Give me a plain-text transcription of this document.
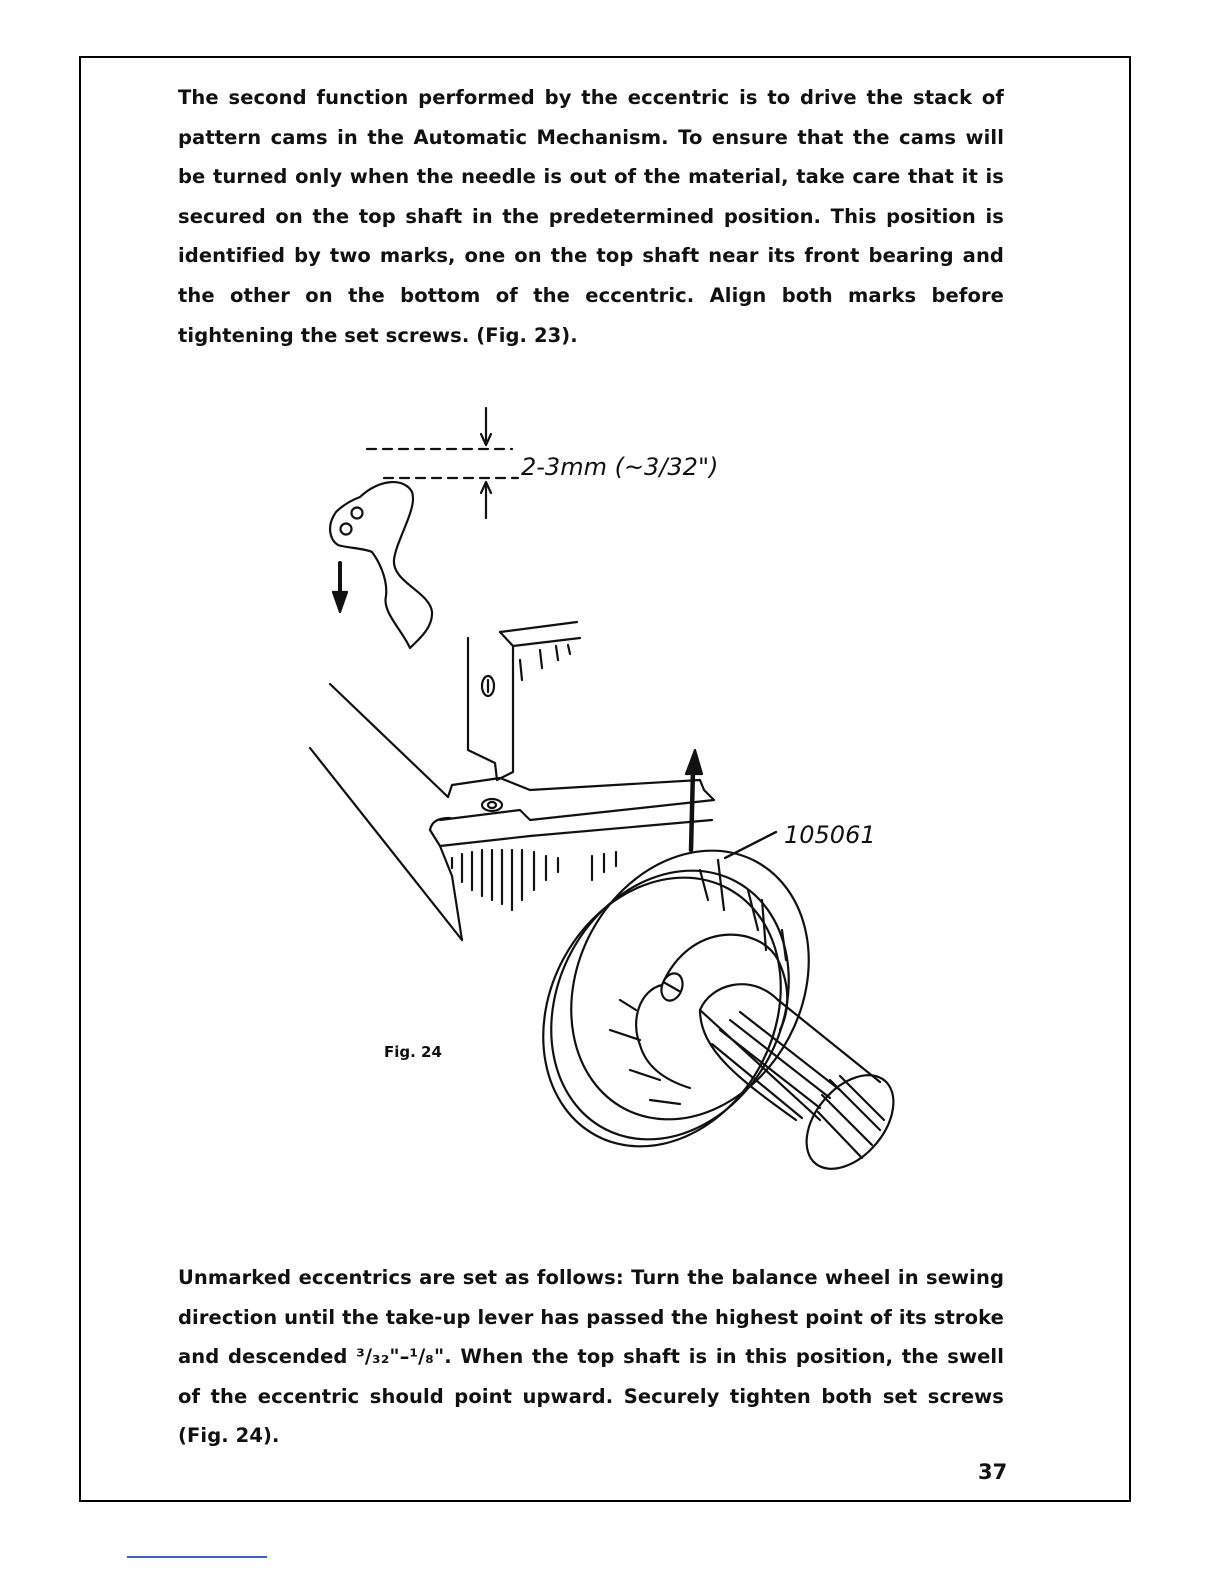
The second function performed by the eccentric is to drive the stack of pattern cams in the Automatic Mechanism. To ensure that the cams will be turned only when the needle is out of the material, take care that it is secured on the top shaft in the predetermined position. This position is identified by two marks, one on the top shaft near its front bearing and the other on the bottom of the eccentric. Align both marks before tightening the set screws. (Fig. 23).

2-3mm (~3/32")
105061
Fig. 24

Unmarked eccentrics are set as follows: Turn the balance wheel in sewing direction until the take-up lever has passed the highest point of its stroke and descended ³/₃₂"–¹/₈". When the top shaft is in this position, the swell of the eccentric should point upward. Securely tighten both set screws (Fig. 24).

37
